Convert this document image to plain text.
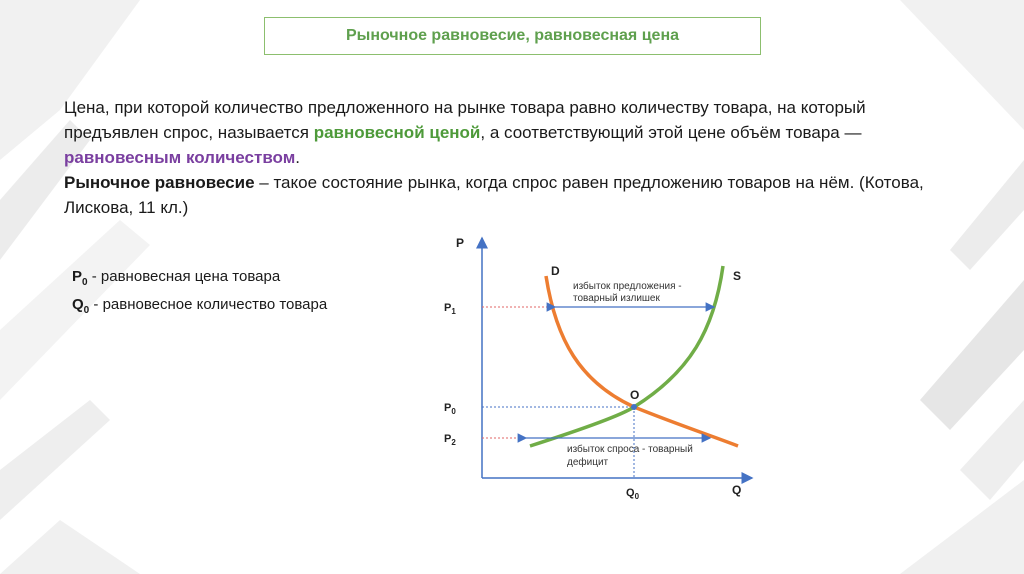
Рыночное равновесие, равновесная цена
Цена, при которой количество предложенного на рынке товара равно количеству товара, на который предъявлен спрос, называется равновесной ценой, а соответствующий этой цене объём товара — равновесным количеством.
Рыночное равновесие – такое состояние рынка, когда спрос равен предложению товаров на нём. (Котова, Лискова, 11 кл.)
$P_0$ - равновесная цена товара
$Q_0$ - равновесное количество товара
P
Q
$P_1$
$P_0$
$P_2$
$Q_0$
D	S
O
избыток предложения -
товарный излишек
избыток спроса - товарный
дефицит
